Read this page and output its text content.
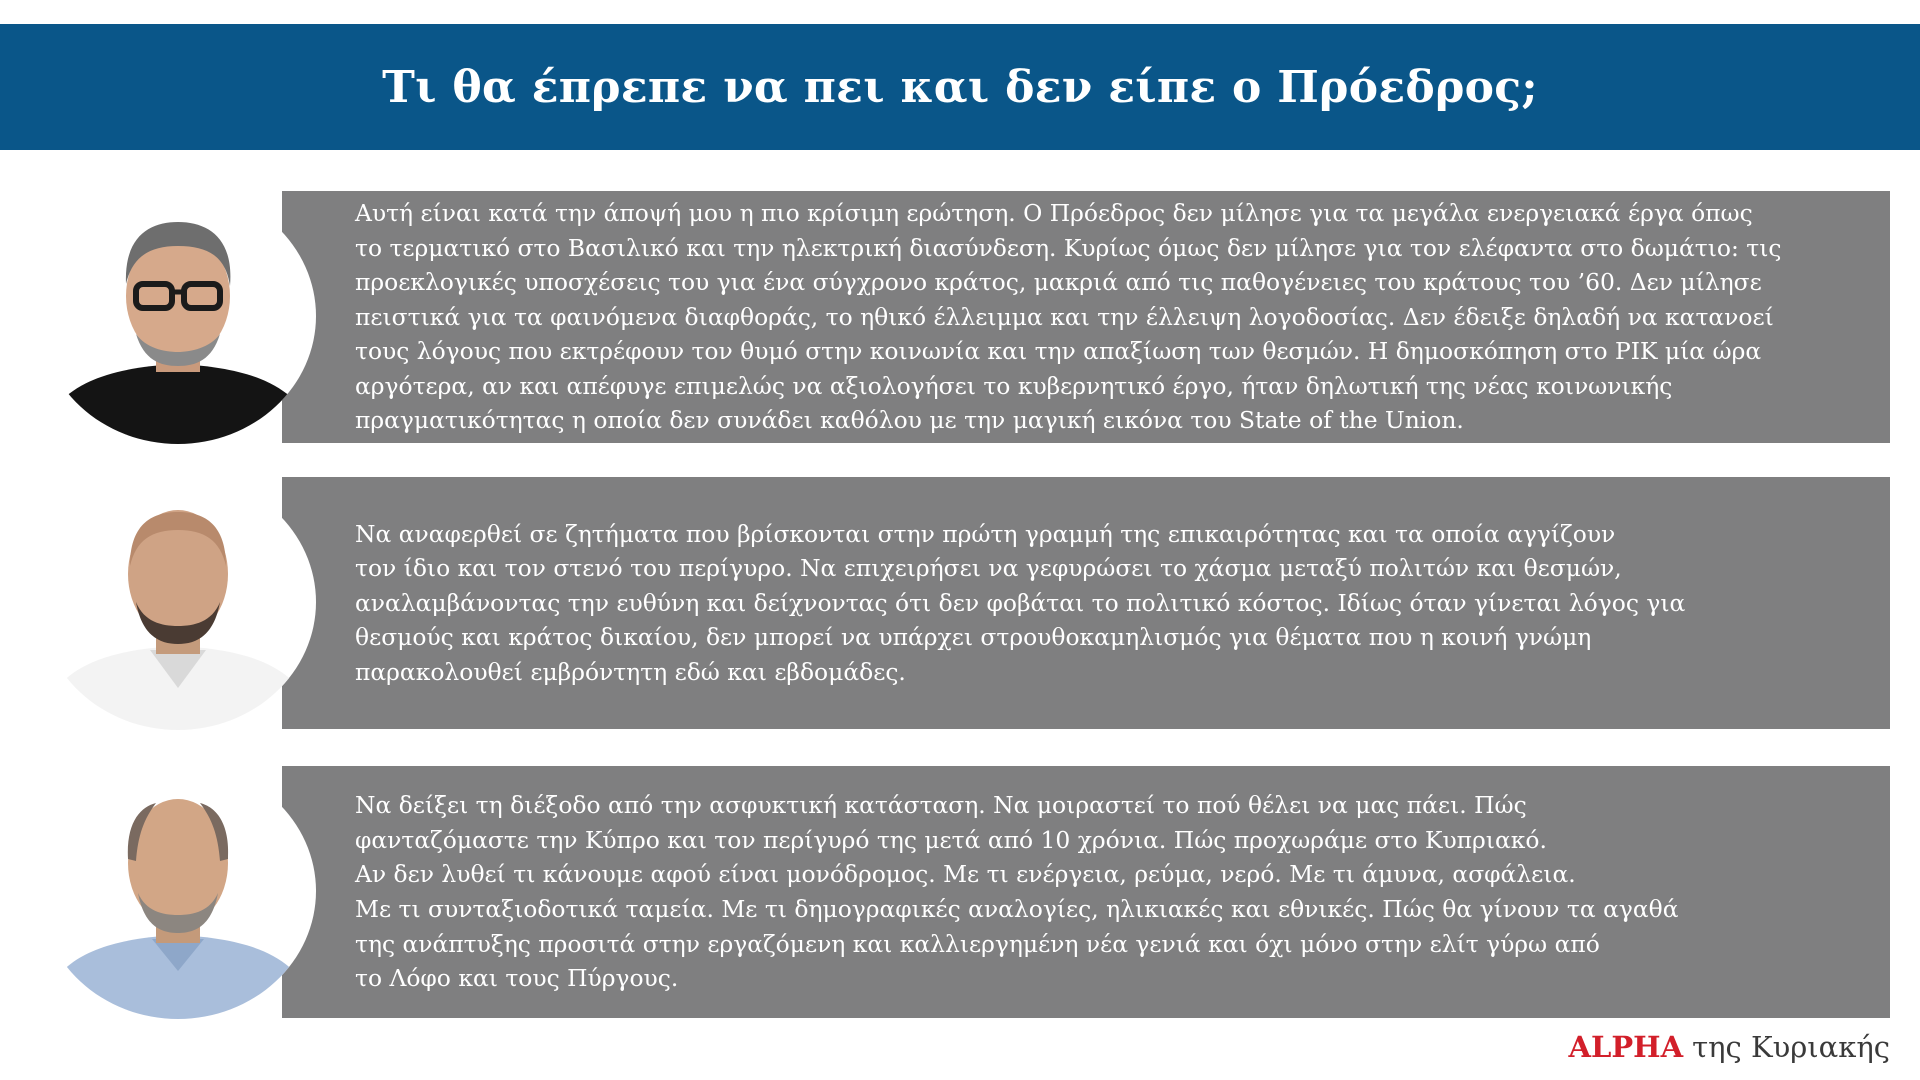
Τι θα έπρεπε να πει και δεν είπε ο Πρόεδρος;

Αυτή είναι κατά την άποψή μου η πιο κρίσιμη ερώτηση. Ο Πρόεδρος δεν μίλησε για τα μεγάλα ενεργειακά έργα όπως
το τερματικό στο Βασιλικό και την ηλεκτρική διασύνδεση. Κυρίως όμως δεν μίλησε για τον ελέφαντα στο δωμάτιο: τις
προεκλογικές υποσχέσεις του για ένα σύγχρονο κράτος, μακριά από τις παθογένειες του κράτους του ’60. Δεν μίλησε
πειστικά για τα φαινόμενα διαφθοράς, το ηθικό έλλειμμα και την έλλειψη λογοδοσίας. Δεν έδειξε δηλαδή να κατανοεί
τους λόγους που εκτρέφουν τον θυμό στην κοινωνία και την απαξίωση των θεσμών. Η δημοσκόπηση στο ΡΙΚ μία ώρα
αργότερα, αν και απέφυγε επιμελώς να αξιολογήσει το κυβερνητικό έργο, ήταν δηλωτική της νέας κοινωνικής
πραγματικότητας η οποία δεν συνάδει καθόλου με την μαγική εικόνα του State of the Union.

Να αναφερθεί σε ζητήματα που βρίσκονται στην πρώτη γραμμή της επικαιρότητας και τα οποία αγγίζουν
τον ίδιο και τον στενό του περίγυρο. Να επιχειρήσει να γεφυρώσει το χάσμα μεταξύ πολιτών και θεσμών,
αναλαμβάνοντας την ευθύνη και δείχνοντας ότι δεν φοβάται το πολιτικό κόστος. Ιδίως όταν γίνεται λόγος για
θεσμούς και κράτος δικαίου, δεν μπορεί να υπάρχει στρουθοκαμηλισμός για θέματα που η κοινή γνώμη
παρακολουθεί εμβρόντητη εδώ και εβδομάδες.

Να δείξει τη διέξοδο από την ασφυκτική κατάσταση. Να μοιραστεί το πού θέλει να μας πάει. Πώς
φανταζόμαστε την Κύπρο και τον περίγυρό της μετά από 10 χρόνια. Πώς προχωράμε στο Κυπριακό.
Αν δεν λυθεί τι κάνουμε αφού είναι μονόδρομος. Με τι ενέργεια, ρεύμα, νερό. Με τι άμυνα, ασφάλεια.
Με τι συνταξιοδοτικά ταμεία. Με τι δημογραφικές αναλογίες, ηλικιακές και εθνικές. Πώς θα γίνουν τα αγαθά
της ανάπτυξης προσιτά στην εργαζόμενη και καλλιεργημένη νέα γενιά και όχι μόνο στην ελίτ γύρω από
το Λόφο και τους Πύργους.

ALPHA της Κυριακής
